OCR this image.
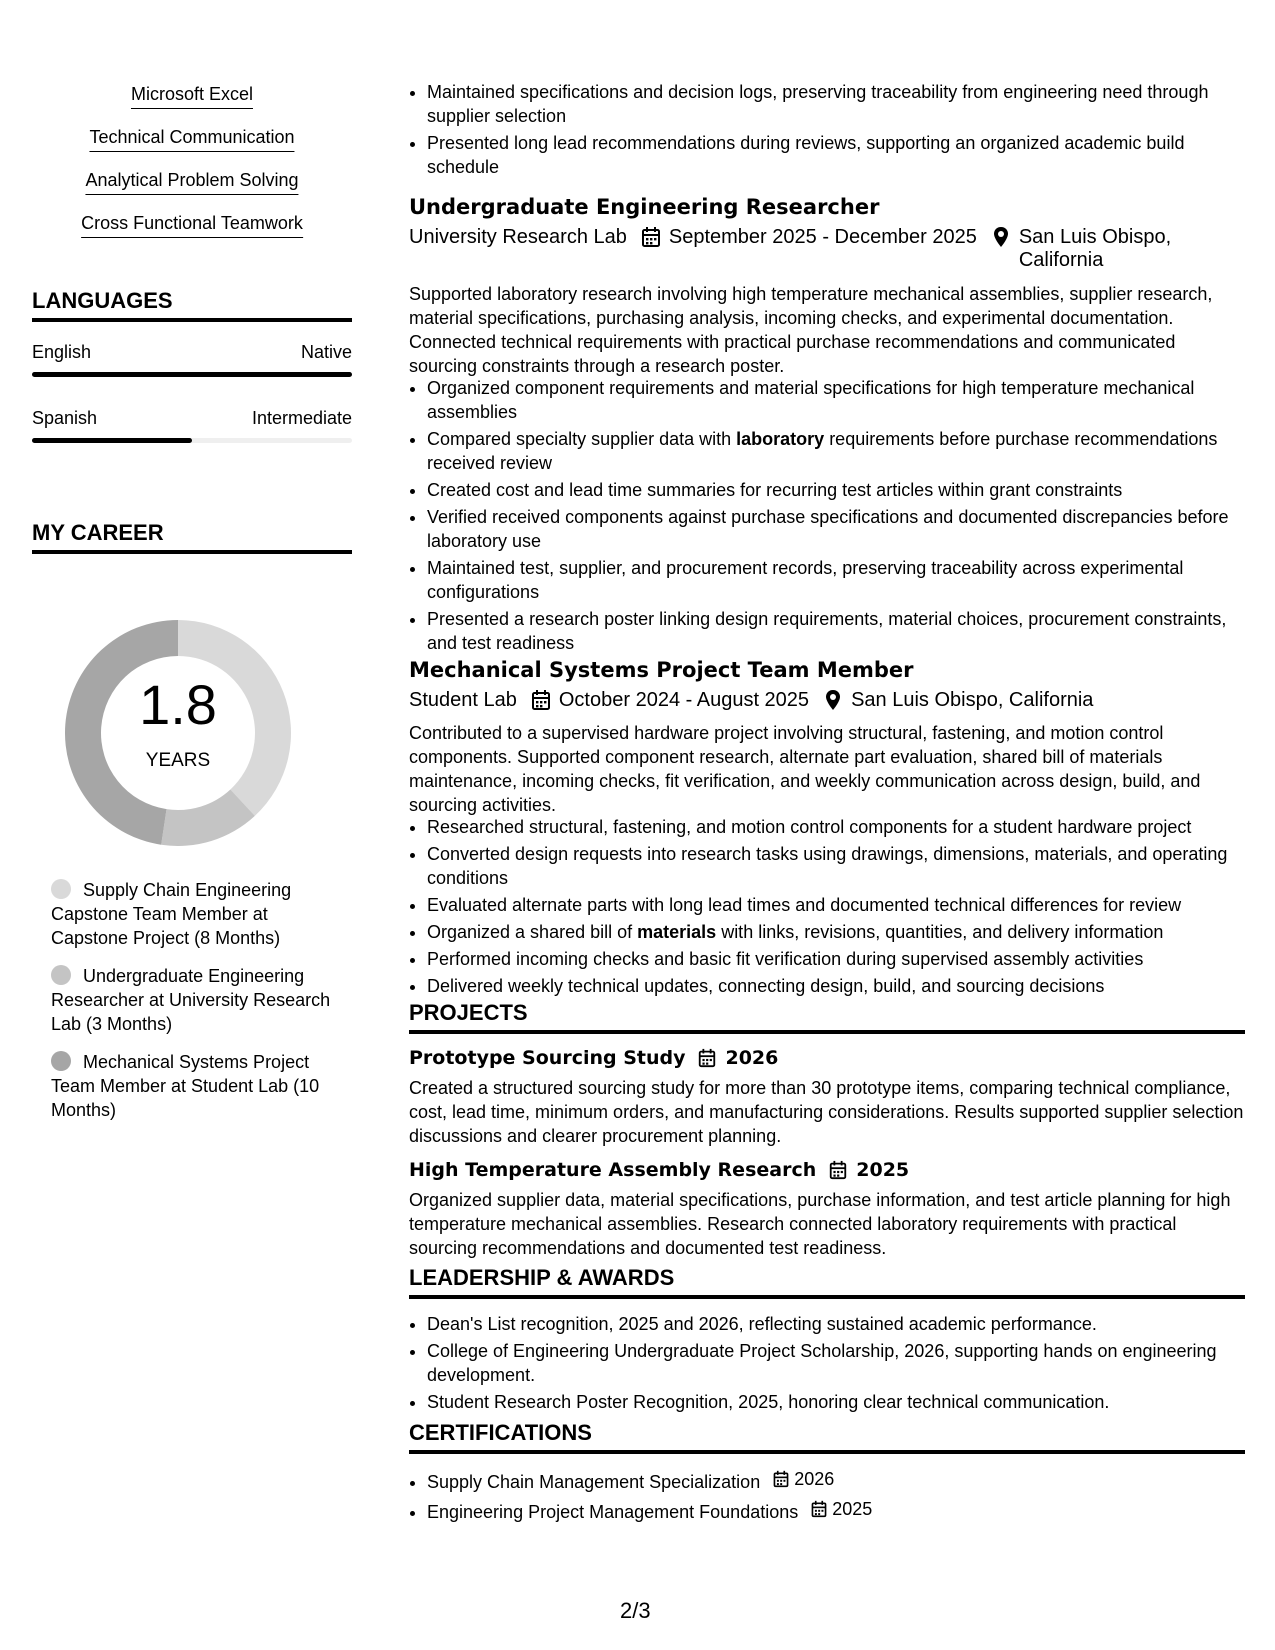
Microsoft Excel
Technical Communication
Analytical Problem Solving
Cross Functional Teamwork
LANGUAGES
English	Native
Spanish	Intermediate
MY CAREER
1.8
YEARS
Supply Chain Engineering Capstone Team Member at Capstone Project (8 Months)
Undergraduate Engineering Researcher at University Research Lab (3 Months)
Mechanical Systems Project Team Member at Student Lab (10 Months)
• Maintained specifications and decision logs, preserving traceability from engineering need through supplier selection
• Presented long lead recommendations during reviews, supporting an organized academic build schedule
Undergraduate Engineering Researcher
University Research Lab September 2025 - December 2025 San Luis Obispo,
California
Supported laboratory research involving high temperature mechanical assemblies, supplier research, material specifications, purchasing analysis, incoming checks, and experimental documentation. Connected technical requirements with practical purchase recommendations and communicated sourcing constraints through a research poster.
• Organized component requirements and material specifications for high temperature mechanical assemblies
• Compared specialty supplier data with laboratory requirements before purchase recommendations received review
• Created cost and lead time summaries for recurring test articles within grant constraints
• Verified received components against purchase specifications and documented discrepancies before laboratory use
• Maintained test, supplier, and procurement records, preserving traceability across experimental configurations
• Presented a research poster linking design requirements, material choices, procurement constraints, and test readiness
Mechanical Systems Project Team Member
Student Lab October 2024 - August 2025 San Luis Obispo, California
Contributed to a supervised hardware project involving structural, fastening, and motion control components. Supported component research, alternate part evaluation, shared bill of materials maintenance, incoming checks, fit verification, and weekly communication across design, build, and sourcing activities.
• Researched structural, fastening, and motion control components for a student hardware project
• Converted design requests into research tasks using drawings, dimensions, materials, and operating conditions
• Evaluated alternate parts with long lead times and documented technical differences for review
• Organized a shared bill of materials with links, revisions, quantities, and delivery information
• Performed incoming checks and basic fit verification during supervised assembly activities
• Delivered weekly technical updates, connecting design, build, and sourcing decisions
PROJECTS
Prototype Sourcing Study 2026
Created a structured sourcing study for more than 30 prototype items, comparing technical compliance, cost, lead time, minimum orders, and manufacturing considerations. Results supported supplier selection discussions and clearer procurement planning.
High Temperature Assembly Research 2025
Organized supplier data, material specifications, purchase information, and test article planning for high temperature mechanical assemblies. Research connected laboratory requirements with practical sourcing recommendations and documented test readiness.
LEADERSHIP & AWARDS
• Dean's List recognition, 2025 and 2026, reflecting sustained academic performance.
• College of Engineering Undergraduate Project Scholarship, 2026, supporting hands on engineering development.
• Student Research Poster Recognition, 2025, honoring clear technical communication.
CERTIFICATIONS
• Supply Chain Management Specialization 2026
• Engineering Project Management Foundations 2025
2/3
